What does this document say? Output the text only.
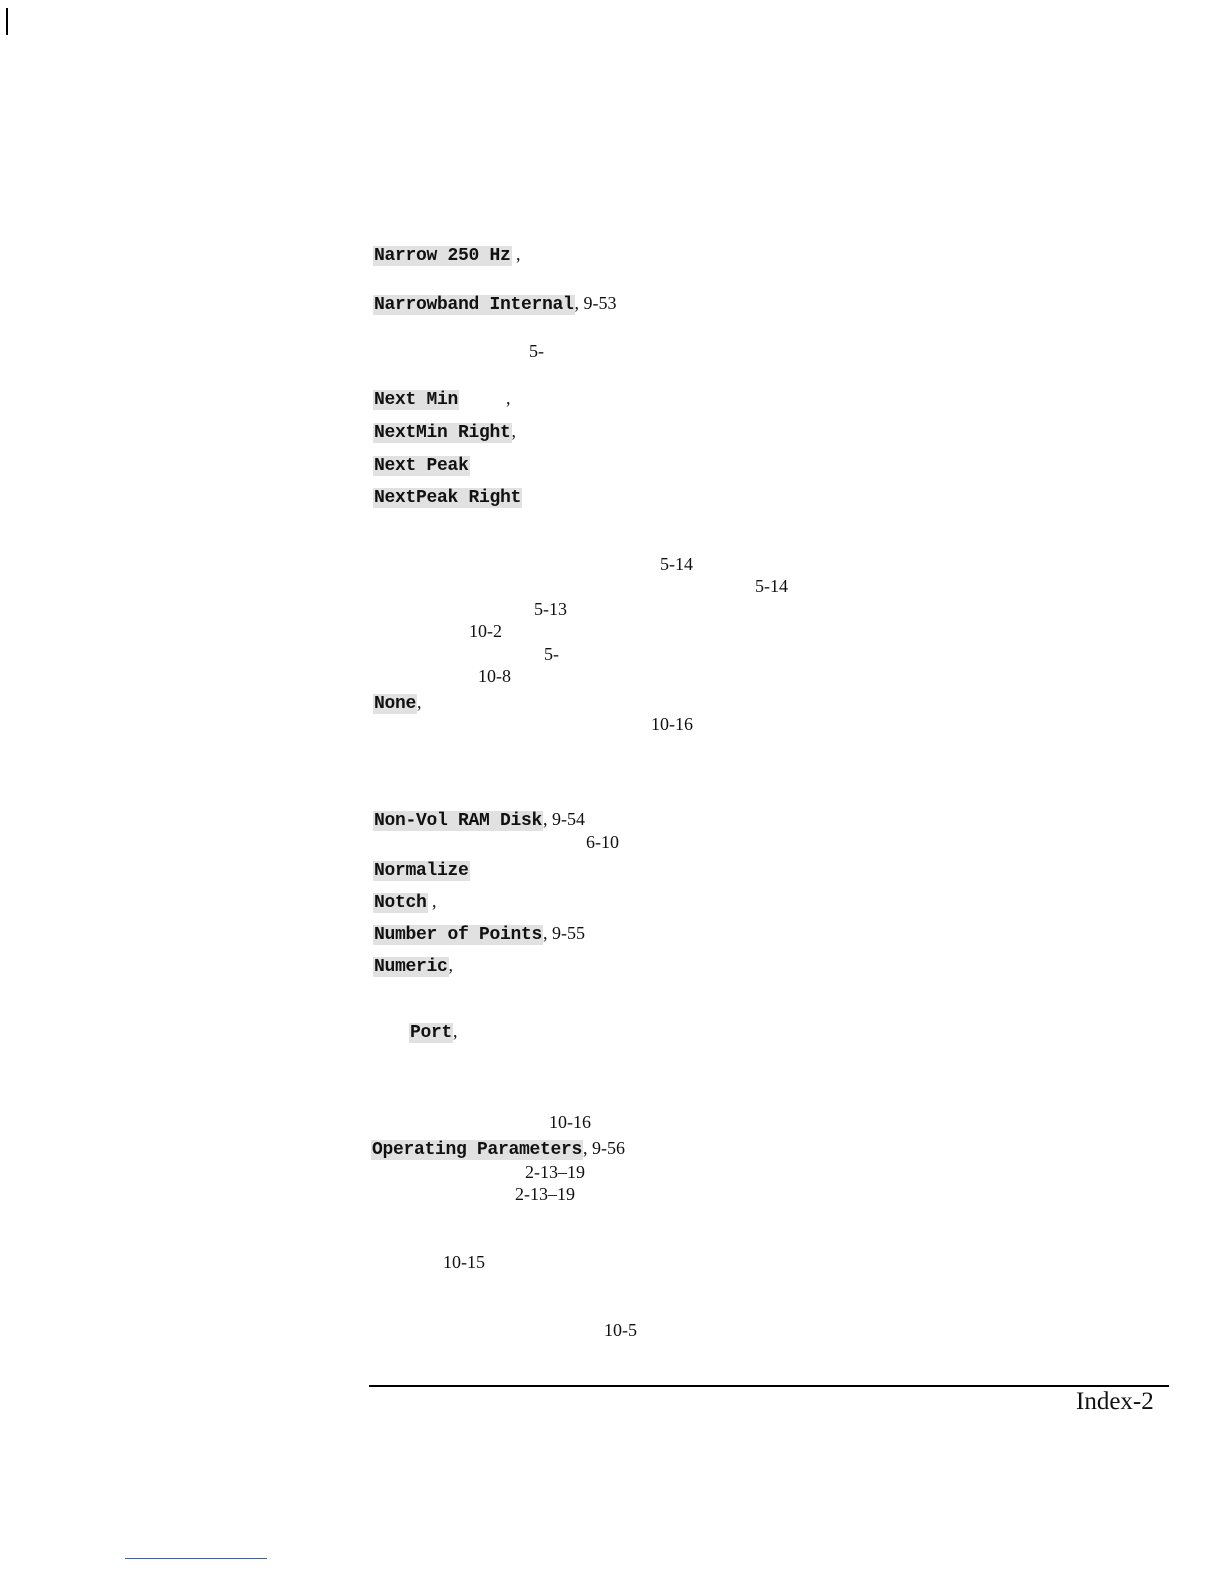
Narrow 250 Hz ,
Narrowband Internal, 9-53
5-
Next Min	,
NextMin Right,
Next Peak
NextPeak Right
5-14
5-14
5-13
10-2
5-
10-8
None,
10-16
Non-Vol RAM Disk, 9-54
6-10
Normalize
Notch ,
Number of Points, 9-55
Numeric,
Port,
10-16
Operating Parameters, 9-56
2-13–19
2-13–19
10-15
10-5
Index-2
